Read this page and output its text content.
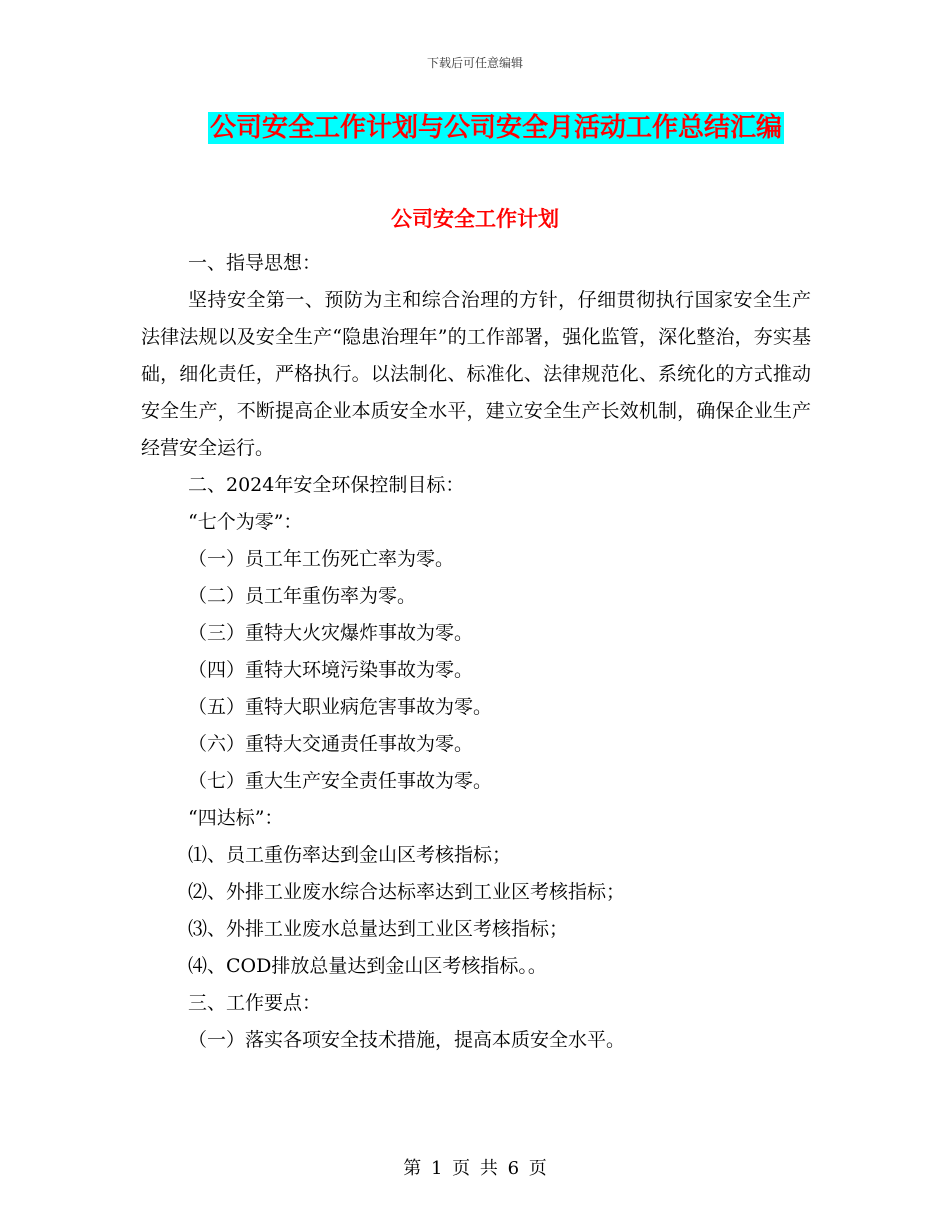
下载后可任意编辑
公司安全工作计划与公司安全月活动工作总结汇编
公司安全工作计划

一、指导思想：

坚持安全第一、预防为主和综合治理的方针，仔细贯彻执行国家安全生产法律法规以及安全生产“隐患治理年”的工作部署，强化监管，深化整治，夯实基础，细化责任，严格执行。以法制化、标准化、法律规范化、系统化的方式推动安全生产，不断提高企业本质安全水平，建立安全生产长效机制，确保企业生产经营安全运行。

二、2024年安全环保控制目标：

“七个为零”：

（一）员工年工伤死亡率为零。

（二）员工年重伤率为零。

（三）重特大火灾爆炸事故为零。

（四）重特大环境污染事故为零。

（五）重特大职业病危害事故为零。

（六）重特大交通责任事故为零。

（七）重大生产安全责任事故为零。

“四达标”：

⑴、员工重伤率达到金山区考核指标；

⑵、外排工业废水综合达标率达到工业区考核指标；

⑶、外排工业废水总量达到工业区考核指标；

⑷、COD排放总量达到金山区考核指标。。

三、工作要点：

（一）落实各项安全技术措施，提高本质安全水平。

第 1 页 共 6 页
